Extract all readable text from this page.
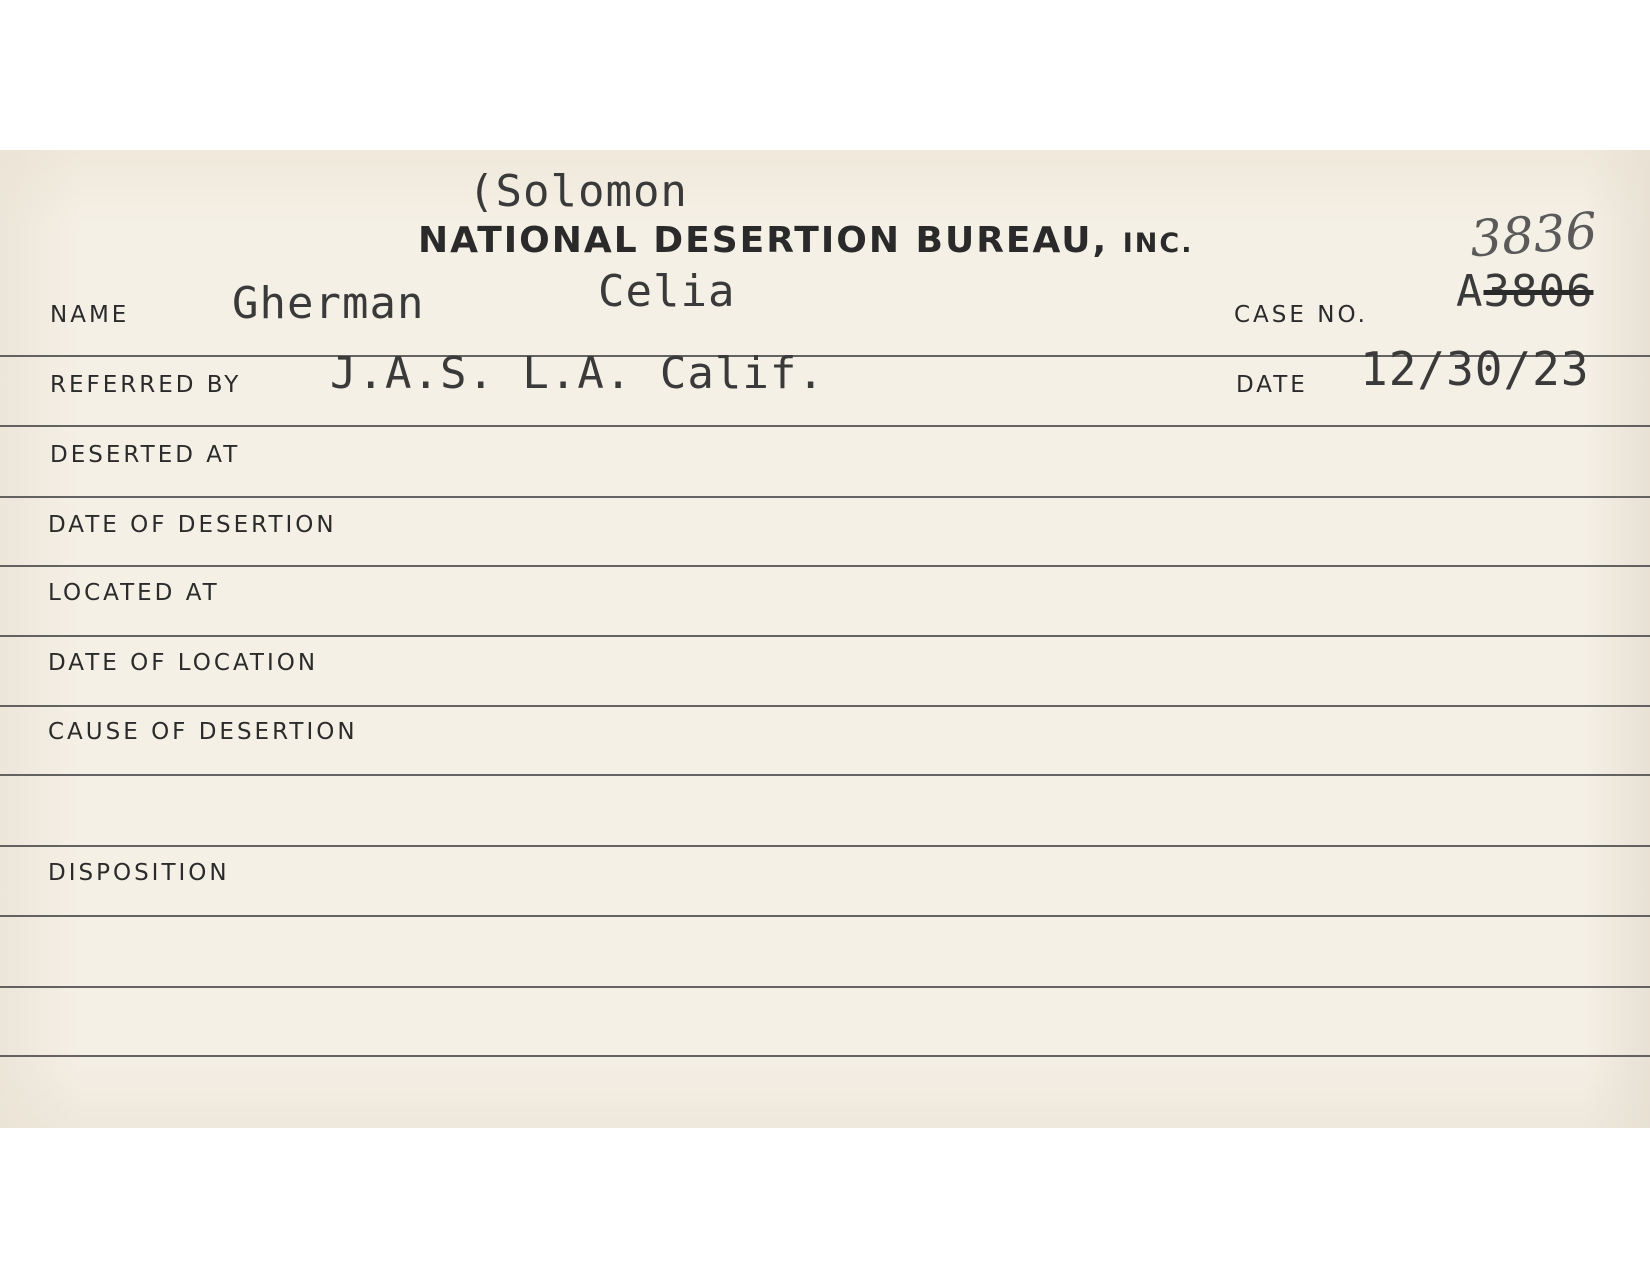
(Solomon
NATIONAL DESERTION BUREAU, INC.	3836
NAME Gherman	Celia	CASE NO. A3806
REFERRED BY J.A.S. L.A. Calif.	DATE 12/30/23
DESERTED AT
DATE OF DESERTION
LOCATED AT
DATE OF LOCATION
CAUSE OF DESERTION
DISPOSITION
